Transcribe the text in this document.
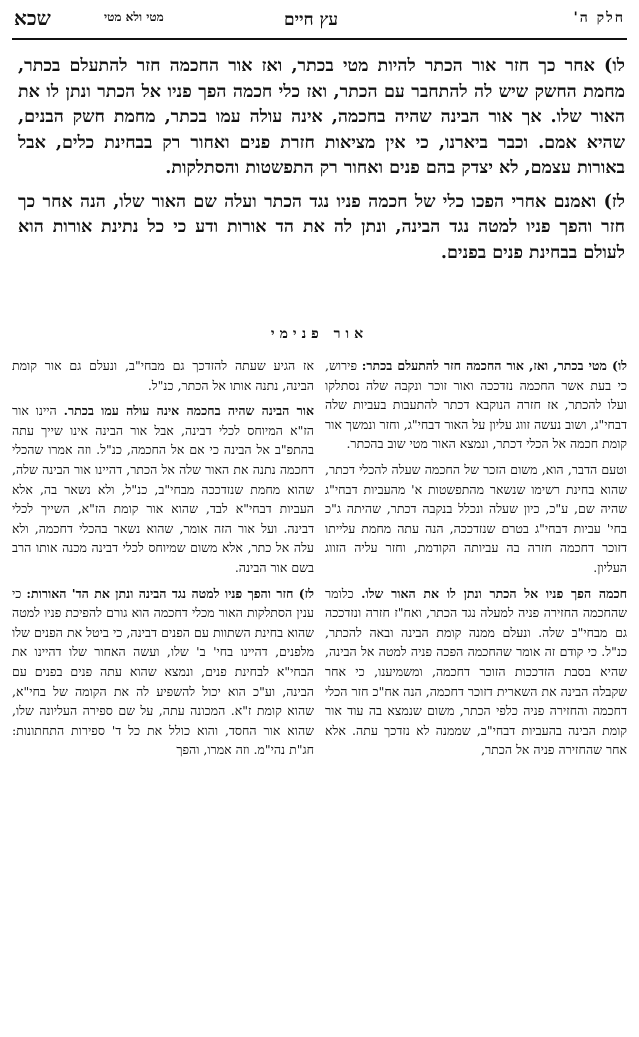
חלק ה'
עץ חיים
מטי ולא מטי
שכא

לו) אחר כך חזר אור הכתר להיות מטי בכתר, ואז אור החכמה חזר להתעלם בכתר, מחמת החשק שיש לה להתחבר עם הכתר, ואז כלי חכמה הפך פניו אל הכתר ונתן לו את האור שלו. אך אור הבינה שהיה בחכמה, אינה עולה עמו בכתר, מחמת חשק הבנים, שהיא אמם. וכבר ביארנו, כי אין מציאות חזרת פנים ואחור רק בבחינת כלים, אבל באורות עצמם, לא יצדק בהם פנים ואחור רק התפשטות והסתלקות.

לז) ואמנם אחרי הפכו כלי של חכמה פניו נגד הכתר ועלה שם האור שלו, הנה אחר כך חזר והפך פניו למטה נגד הבינה, ונתן לה את הד אורות ודע כי כל נתינת אורות הוא לעולם בבחינת פנים בפנים.

אור פנימי

לו) מטי בכתר, ואז, אור החכמה חזר להתעלם בכתר: פירוש, כי בעת אשר החכמה נזדככה ואור זוכר ונקבה שלה נסתלקו ועלו להכתר, אז חזרה הנוקבא דכתר להתעבות בעביות שלה דבחי"ג, ושוב נעשה זווג עליון על האור דבחי"ג, וחזר ונמשך אור קומת חכמה אל הכלי דכתר, ונמצא האור מטי שוב בהכתר.

וטעם הדבר, הוא, משום הזכר של החכמה שעלה להכלי דכתר, שהוא בחינת רשימו שנשאר מהתפשטות א' מהעביות דבחי"ג שהיה שם, ע"כ, כיון שעלה ונכלל בנקבה דכתר, שהיתה ג"כ בחי' עביות דבחי"ג בטרם שנזדככה, הנה עתה מחמת עלייתו דזוכר דחכמה חזרה בה עביותה הקודמת, וחזר עליה הזווג העליון.

חכמה הפך פניו אל הכתר ונתן לו את האור שלו. כלומר שהחכמה החזירה פניה למעלה נגד הכתר, ואח"ז חזרה ונזדככה גם מבחי"ב שלה. ונעלם ממנה קומת הבינה ובאה להכתר, כנ"ל. כי קודם זה אומר שהחכמה הפכה פניה למטה אל הבינה, שהיא בסבת הזדככות הזוכר דחכמה, ומשמיענו, כי אחר שקבלה הבינה את השארית דזוכר דחכמה, הנה אח"כ חזר הכלי דחכמה והחזירה פניה כלפי הכתר, משום שנמצא בה עוד אור קומת הבינה בהעביות דבחי"ב, שממנה לא נזדכך עתה. אלא אחר שהחזירה פניה אל הכתר,

אז הגיע שעתה להזדכך גם מבחי"ב, ונעלם גם אור קומת הבינה, נתנה אותו אל הכתר, כנ"ל.

אור הבינה שהיה בחכמה אינה עולה עמו בכתר. היינו אור הז"א המיוחס לכלי דבינה, אבל אור הבינה אינו שייך עתה בהתפ"ב אל הבינה כי אם אל החכמה, כנ"ל. וזה אמרו שהכלי דחכמה נתנה את האור שלה אל הכתר, דהיינו אור הבינה שלה, שהוא מחמת שנזדככה מבחי"ב, כנ"ל, ולא נשאר בה, אלא העביות דבחי"א לבד, שהוא אור קומת הז"א, השייך לכלי דבינה. ועל אור הזה אומר, שהוא נשאר בהכלי דחכמה, ולא עלה אל כתר, אלא משום שמיוחס לכלי דבינה מכנה אותו הרב בשם אור הבינה.

לז) חזר והפך פניו למטה נגד הבינה ונתן את הד' האורות: כי ענין הסתלקות האור מכלי דחכמה הוא גורם להפיכת פניו למטה שהוא בחינת השתוות עם הפנים דבינה, כי ביטל את הפנים שלו מלפנים, דהיינו בחי' ב' שלו, ועשה האחור שלו דהיינו את הבחי"א לבחינת פנים, ונמצא שהוא עתה פנים בפנים עם הבינה, וע"כ הוא יכול להשפיע לה את הקומה של בחי"א, שהוא קומת ז"א. המכונה עתה, על שם ספירה העליונה שלו, שהוא אור החסד, והוא כולל את כל ד' ספירות התחתונות: חג"ת נהי"מ. וזה אמרו, והפך
